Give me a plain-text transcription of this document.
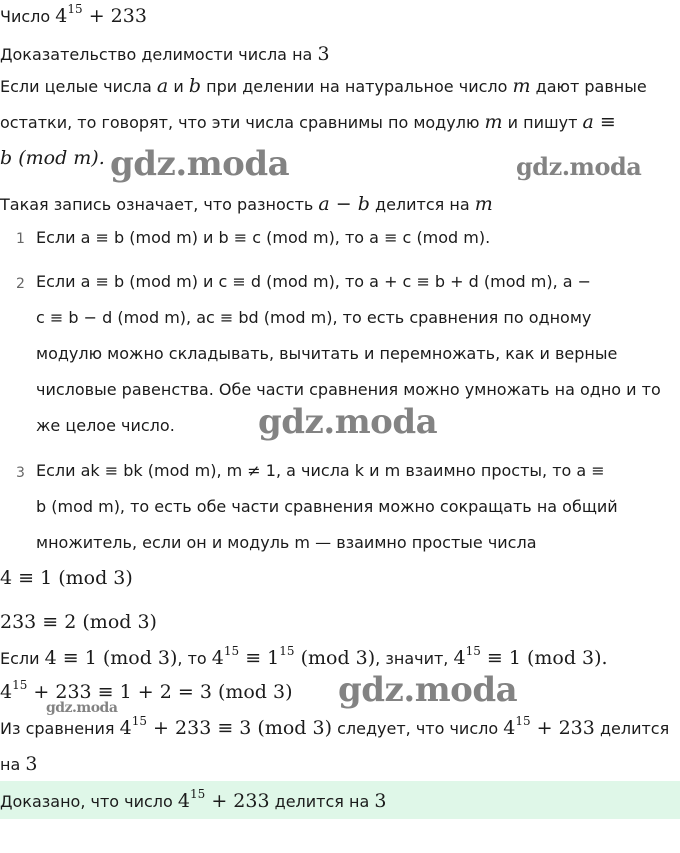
Число $4^{15} + 233$
Доказательство делимости числа на 3
Если целые числа a и b при делении на натуральное число m дают равные
остатки, то говорят, что эти числа сравнимы по модулю m и пишут a ≡
b (mod m).
Такая запись означает, что разность a − b делится на m
1 Если a ≡ b (mod m) и b ≡ c (mod m), то a ≡ c (mod m).
2 Если a ≡ b (mod m) и c ≡ d (mod m), то a + c ≡ b + d (mod m), a −
c ≡ b − d (mod m), ac ≡ bd (mod m), то есть сравнения по одному
модулю можно складывать, вычитать и перемножать, как и верные
числовые равенства. Обе части сравнения можно умножать на одно и то
же целое число.
3 Если ak ≡ bk (mod m), m ≠ 1, а числа k и m взаимно просты, то a ≡
b (mod m), то есть обе части сравнения можно сокращать на общий
множитель, если он и модуль m — взаимно простые числа
4 ≡ 1 (mod 3)
233 ≡ 2 (mod 3)
Если 4 ≡ 1 (mod 3), то $4^{15} \equiv 1^{15}$ (mod 3), значит, $4^{15} \equiv 1$ (mod 3).
$4^{15} + 233 \equiv 1 + 2 = 3$ (mod 3)
Из сравнения $4^{15} + 233 \equiv 3$ (mod 3) следует, что число $4^{15} + 233$ делится
на 3
Доказано, что число $4^{15} + 233$ делится на 3
gdz.moda	gdz.moda
gdz.moda
gdz.moda
gdz.moda
